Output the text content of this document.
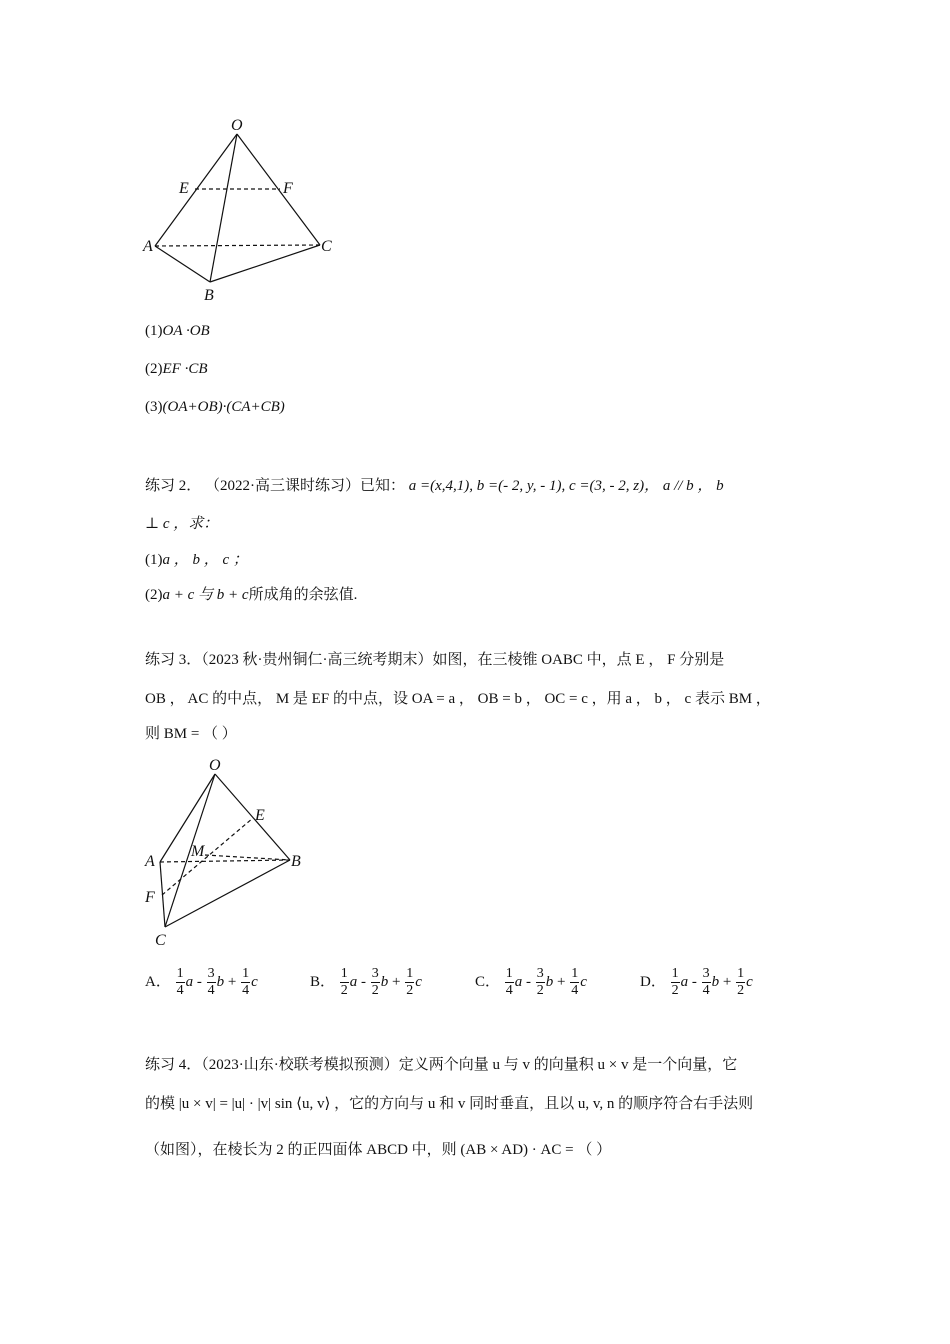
O
E	F
A	C
B
(1)OA ·OB
(2)EF ·CB
(3)(OA+OB)·(CA+CB)
练习 2． （2022·高三课时练习）已知： a =(x,4,1), b =(- 2, y, - 1), c =(3, - 2, z)， a // b ， b
⊥ c ，求：
(1)a ， b ， c ；
(2)a + c 与 b + c所成角的余弦值.
练习 3．（2023 秋·贵州铜仁·高三统考期末）如图，在三棱锥 OABC 中，点 E ， F 分别是
OB ， AC 的中点， M 是 EF 的中点，设 OA = a ， OB = b ， OC = c ，用 a ， b ， c 表示 BM ，
则 BM = （ ）
O
E
A
M
B
F
C
A． $\frac{1}{4}$ a - $\frac{3}{4}$ $b + \frac{1}{4}$ c	B． $\frac{1}{2}$ a - $\frac{3}{2}$ $b + \frac{1}{2}$ c	C． $\frac{1}{4}$ a - $\frac{3}{2}$ $b + \frac{1}{4}$ c	D． $\frac{1}{2}$ a - $\frac{3}{4}$ $b + \frac{1}{2}$ c
练习 4．（2023·山东·校联考模拟预测）定义两个向量 u 与 v 的向量积 u × v 是一个向量，它
的模 |u × v| = |u| · |v| sin ⟨u, v⟩ ，它的方向与 u 和 v 同时垂直，且以 u, v, n 的顺序符合右手法则
（如图），在棱长为 2 的正四面体 ABCD 中，则 (AB × AD) · AC = （ ）
